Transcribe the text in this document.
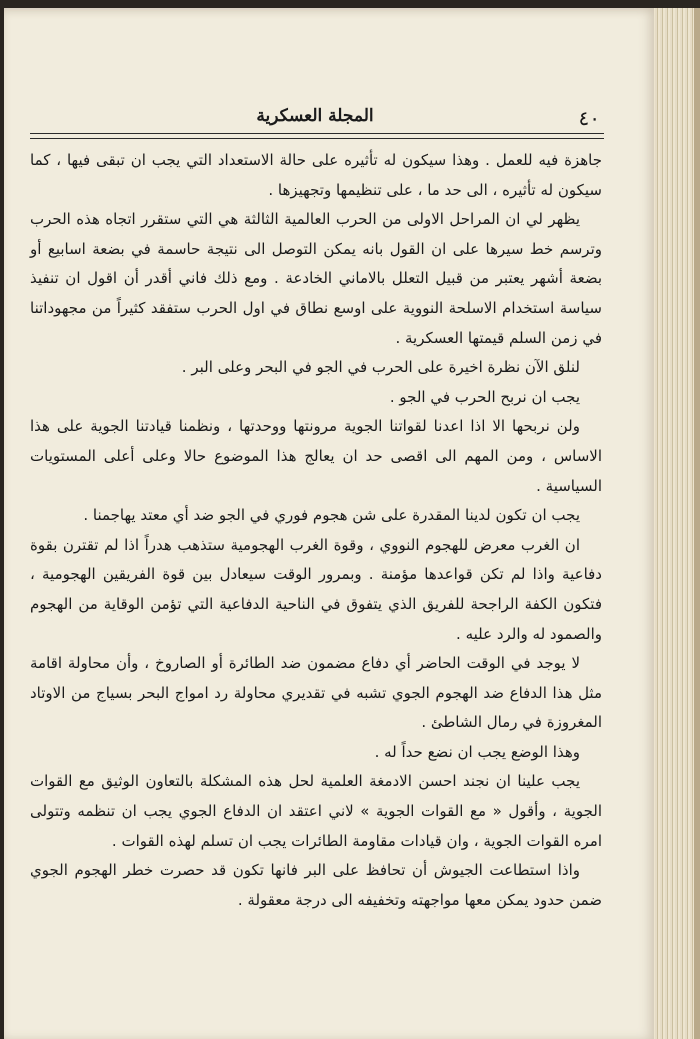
٤٠
المجلة العسكرية

جاهزة فيه للعمل . وهذا سيكون له تأثيره على حالة الاستعداد التي يجب ان تبقى فيها ، كما سيكون له تأثيره ، الى حد ما ، على تنظيمها وتجهيزها .

يظهر لي ان المراحل الاولى من الحرب العالمية الثالثة هي التي ستقرر اتجاه هذه الحرب وترسم خط سيرها على ان القول بانه يمكن التوصل الى نتيجة حاسمة في بضعة اسابيع أو بضعة أشهر يعتبر من قبيل التعلل بالاماني الخادعة . ومع ذلك فاني أقدر أن اقول ان تنفيذ سياسة استخدام الاسلحة النووية على اوسع نطاق في اول الحرب ستفقد كثيراً من مجهوداتنا في زمن السلم قيمتها العسكرية .

لنلق الآن نظرة اخيرة على الحرب في الجو في البحر وعلى البر .

يجب ان نربح الحرب في الجو .

ولن نربحها الا اذا اعدنا لقواتنا الجوية مرونتها ووحدتها ، ونظمنا قيادتنا الجوية على هذا الاساس ، ومن المهم الى اقصى حد ان يعالج هذا الموضوع حالا وعلى أعلى المستويات السياسية .

يجب ان تكون لدينا المقدرة على شن هجوم فوري في الجو ضد أي معتد يهاجمنا .

ان الغرب معرض للهجوم النووي ، وقوة الغرب الهجومية ستذهب هدراً اذا لم تقترن بقوة دفاعية واذا لم تكن قواعدها مؤمنة . وبمرور الوقت سيعادل بين قوة الفريقين الهجومية ، فتكون الكفة الراجحة للفريق الذي يتفوق في الناحية الدفاعية التي تؤمن الوقاية من الهجوم والصمود له والرد عليه .

لا يوجد في الوقت الحاضر أي دفاع مضمون ضد الطائرة أو الصاروخ ، وأن محاولة اقامة مثل هذا الدفاع ضد الهجوم الجوي تشبه في تقديري محاولة رد امواج البحر بسياج من الاوتاد المغروزة في رمال الشاطئ .

وهذا الوضع يجب ان نضع حداً له .

يجب علينا ان نجند احسن الادمغة العلمية لحل هذه المشكلة بالتعاون الوثيق مع القوات الجوية ، وأقول « مع القوات الجوية » لاني اعتقد ان الدفاع الجوي يجب ان تنظمه وتتولى امره القوات الجوية ، وان قيادات مقاومة الطائرات يجب ان تسلم لهذه القوات .

واذا استطاعت الجيوش أن تحافظ على البر فانها تكون قد حصرت خطر الهجوم الجوي ضمن حدود يمكن معها مواجهته وتخفيفه الى درجة معقولة .
